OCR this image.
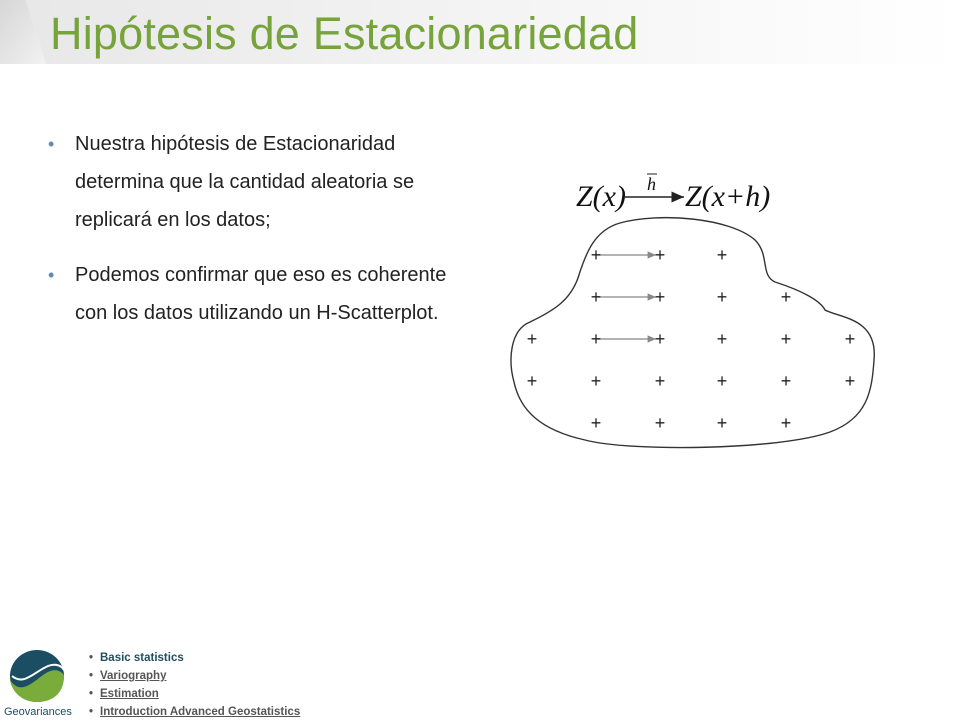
Hipótesis de Estacionariedad
• Nuestra hipótesis de Estacionaridad determina que la cantidad aleatoria se replicará en los datos;
• Podemos confirmar que eso es coherente con los datos utilizando un H-Scatterplot.
Z(x) h Z(x+h)
+	+	+
+	+	+	+
+	+	+	+	+	+
+	+	+	+	+	+
+	+	+	+
Geovariances
• Basic statistics
• Variography
• Estimation
• Introduction Advanced Geostatistics
